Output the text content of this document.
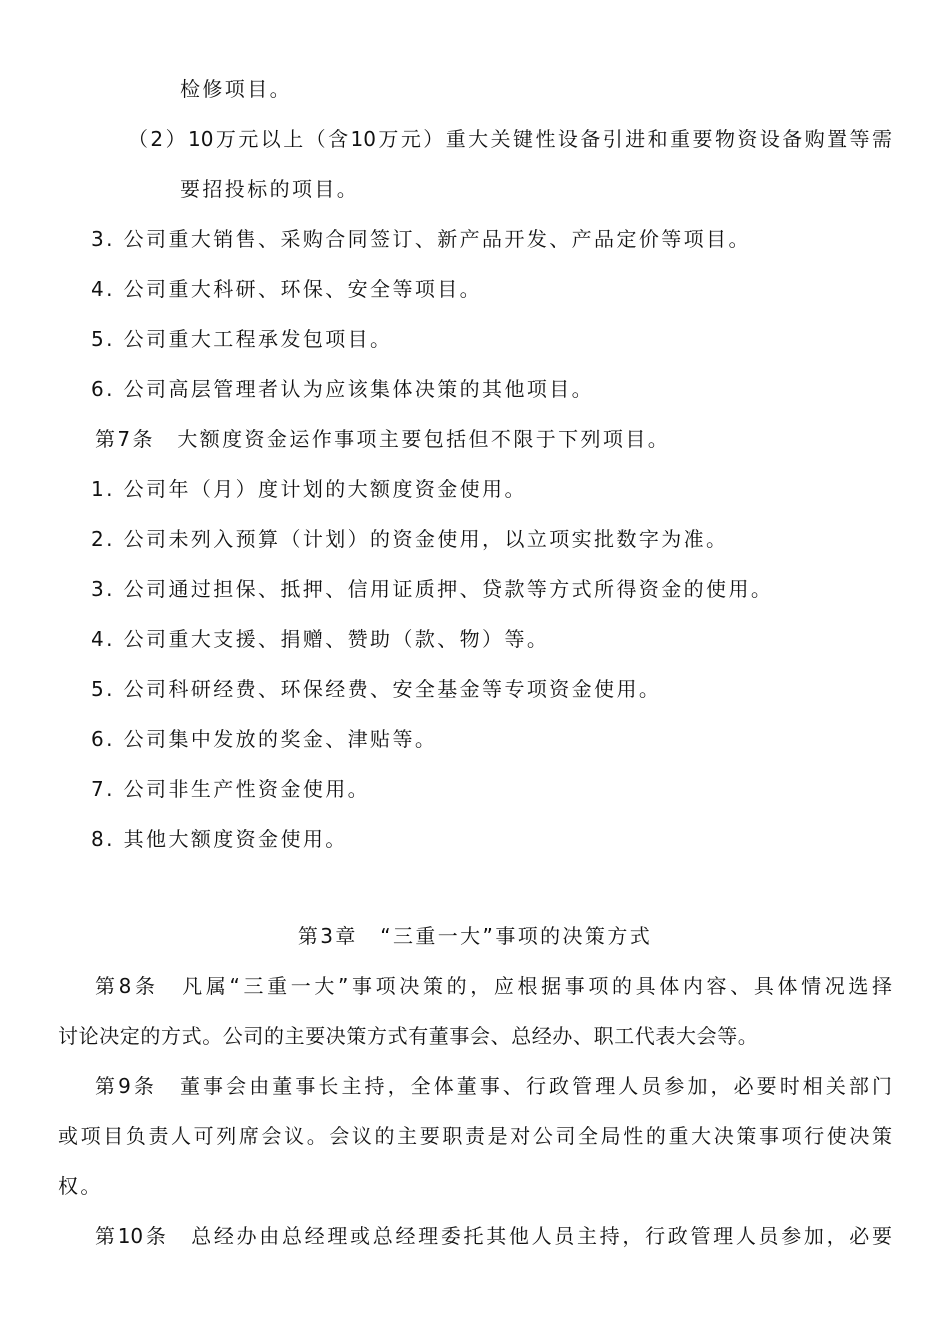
检修项目。
（2）10万元以上（含10万元）重大关键性设备引进和重要物资设备购置等需
要招投标的项目。
3. 公司重大销售、采购合同签订、新产品开发、产品定价等项目。
4. 公司重大科研、环保、安全等项目。
5. 公司重大工程承发包项目。
6. 公司高层管理者认为应该集体决策的其他项目。
第7条　大额度资金运作事项主要包括但不限于下列项目。
1. 公司年（月）度计划的大额度资金使用。
2. 公司未列入预算（计划）的资金使用，以立项实批数字为准。
3. 公司通过担保、抵押、信用证质押、贷款等方式所得资金的使用。
4. 公司重大支援、捐赠、赞助（款、物）等。
5. 公司科研经费、环保经费、安全基金等专项资金使用。
6. 公司集中发放的奖金、津贴等。
7. 公司非生产性资金使用。
8. 其他大额度资金使用。
第3章　“三重一大”事项的决策方式
第8条　凡属“三重一大”事项决策的，应根据事项的具体内容、具体情况选择
讨论决定的方式。公司的主要决策方式有董事会、总经办、职工代表大会等。
第9条　董事会由董事长主持，全体董事、行政管理人员参加，必要时相关部门
或项目负责人可列席会议。会议的主要职责是对公司全局性的重大决策事项行使决策
权。
第10条　总经办由总经理或总经理委托其他人员主持，行政管理人员参加，必要
